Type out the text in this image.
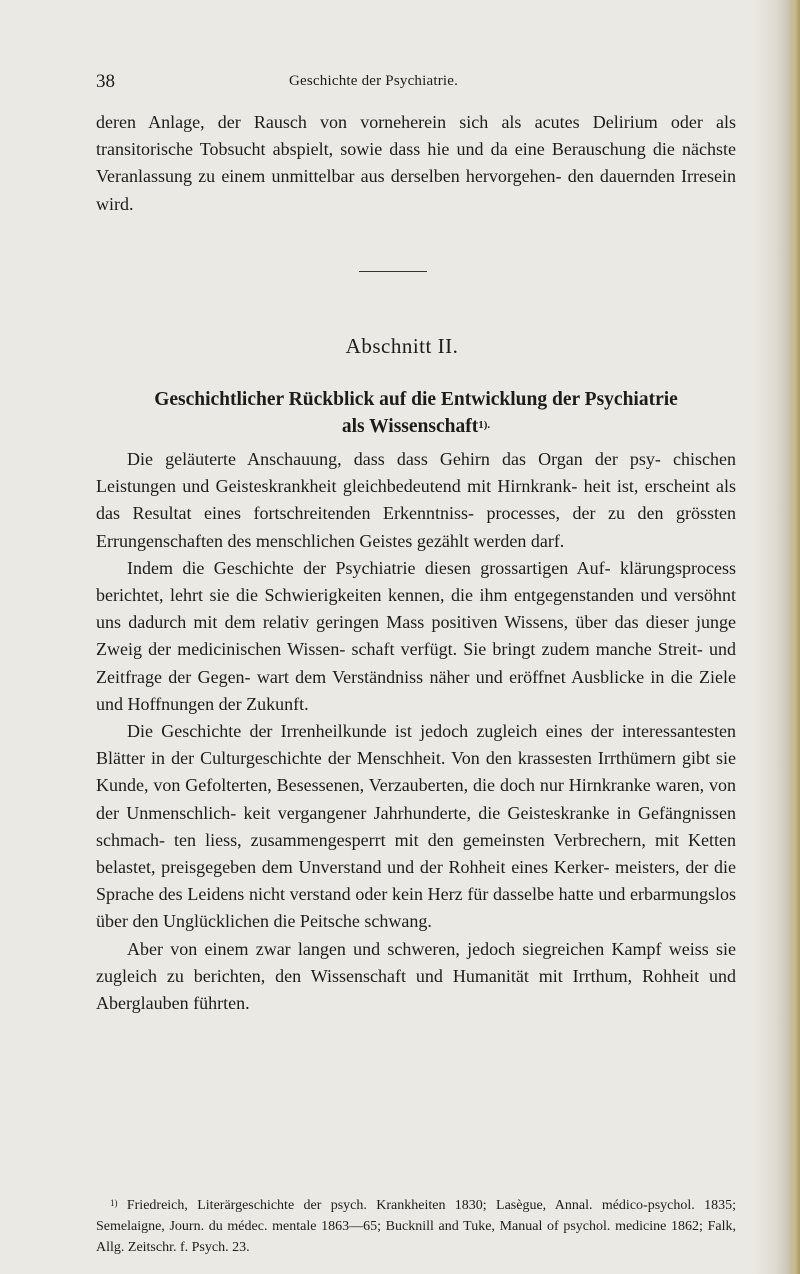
38	Geschichte der Psychiatrie.

deren Anlage, der Rausch von vorneherein sich als acutes Delirium oder als transitorische Tobsucht abspielt, sowie dass hie und da eine Berauschung die nächste Veranlassung zu einem unmittelbar aus derselben hervorgehen- den dauernden Irresein wird.

Abschnitt II.
Geschichtlicher Rückblick auf die Entwicklung der Psychiatrie
als Wissenschaft$^{1).}$

Die geläuterte Anschauung, dass dass Gehirn das Organ der psy- chischen Leistungen und Geisteskrankheit gleichbedeutend mit Hirnkrank- heit ist, erscheint als das Resultat eines fortschreitenden Erkenntniss- processes, der zu den grössten Errungenschaften des menschlichen Geistes gezählt werden darf.

Indem die Geschichte der Psychiatrie diesen grossartigen Auf- klärungsprocess berichtet, lehrt sie die Schwierigkeiten kennen, die ihm entgegenstanden und versöhnt uns dadurch mit dem relativ geringen Mass positiven Wissens, über das dieser junge Zweig der medicinischen Wissen- schaft verfügt. Sie bringt zudem manche Streit- und Zeitfrage der Gegen- wart dem Verständniss näher und eröffnet Ausblicke in die Ziele und Hoffnungen der Zukunft.

Die Geschichte der Irrenheilkunde ist jedoch zugleich eines der interessantesten Blätter in der Culturgeschichte der Menschheit. Von den krassesten Irrthümern gibt sie Kunde, von Gefolterten, Besessenen, Verzauberten, die doch nur Hirnkranke waren, von der Unmenschlich- keit vergangener Jahrhunderte, die Geisteskranke in Gefängnissen schmach- ten liess, zusammengesperrt mit den gemeinsten Verbrechern, mit Ketten belastet, preisgegeben dem Unverstand und der Rohheit eines Kerker- meisters, der die Sprache des Leidens nicht verstand oder kein Herz für dasselbe hatte und erbarmungslos über den Unglücklichen die Peitsche schwang.

Aber von einem zwar langen und schweren, jedoch siegreichen Kampf weiss sie zugleich zu berichten, den Wissenschaft und Humanität mit Irrthum, Rohheit und Aberglauben führten.

$^{1)}$ Friedreich, Literärgeschichte der psych. Krankheiten 1830; Lasègue, Annal. médico-psychol. 1835; Semelaigne, Journ. du médec. mentale 1863—65; Bucknill and Tuke, Manual of psychol. medicine 1862; Falk, Allg. Zeitschr. f. Psych. 23.
